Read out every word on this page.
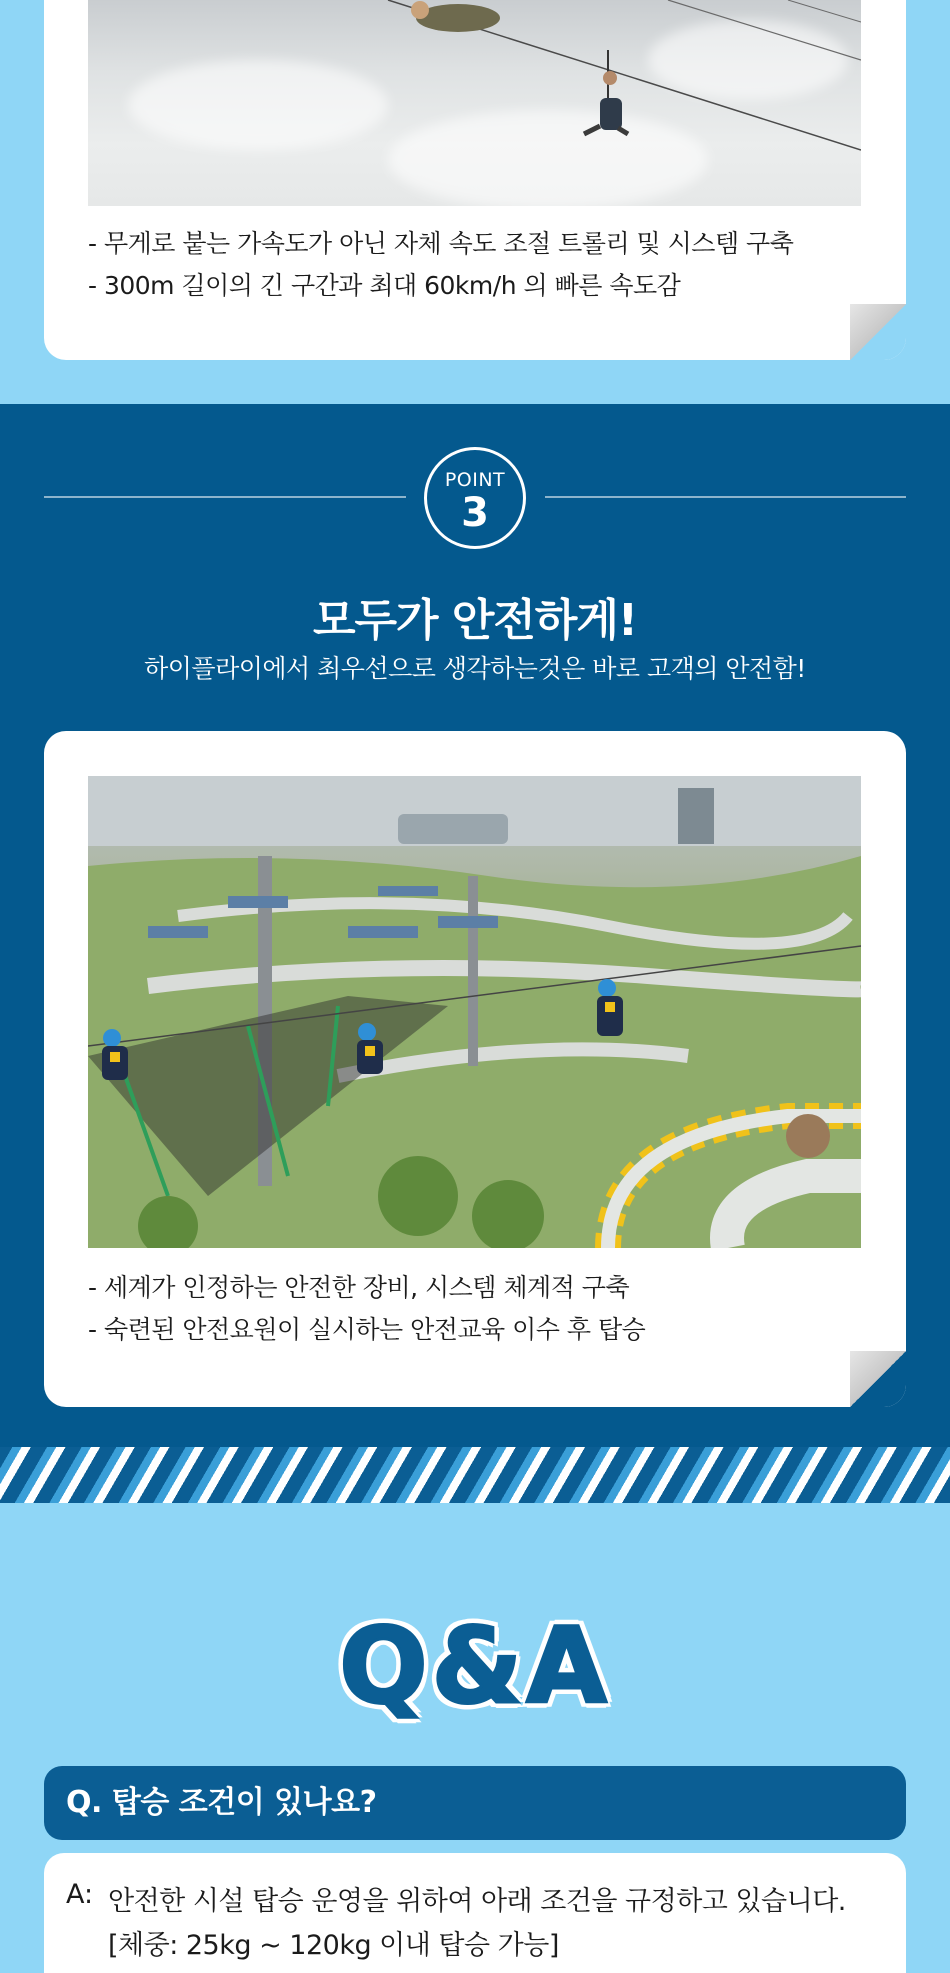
- 무게로 붙는 가속도가 아닌 자체 속도 조절 트롤리 및 시스템 구축
- 300m 길이의 긴 구간과 최대 60km/h 의 빠른 속도감
POINT
3
모두가 안전하게!
하이플라이에서 최우선으로 생각하는것은 바로 고객의 안전함!
- 세계가 인정하는 안전한 장비, 시스템 체계적 구축
- 숙련된 안전요원이 실시하는 안전교육 이수 후 탑승
Q&A
Q. 탑승 조건이 있나요?
A: 안전한 시설 탑승 운영을 위하여 아래 조건을 규정하고 있습니다.
[체중: 25kg ~ 120kg 이내 탑승 가능]
